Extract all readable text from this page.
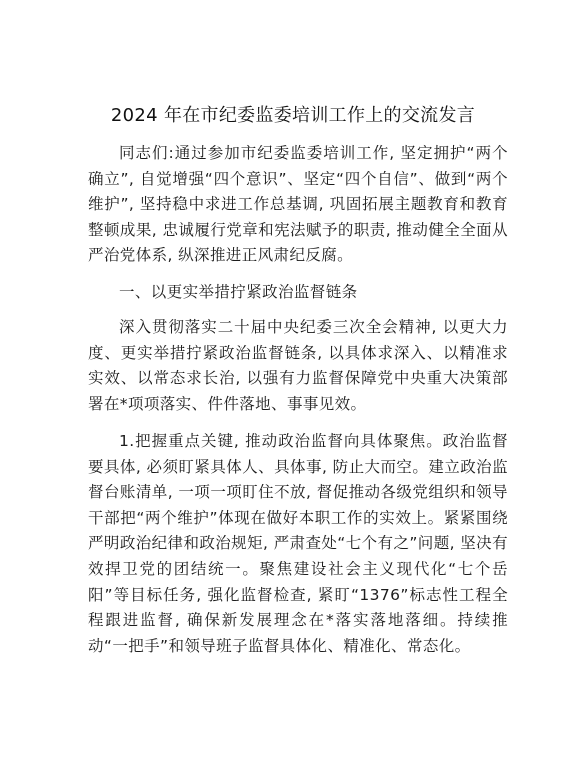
2024 年在市纪委监委培训工作上的交流发言

同志们:通过参加市纪委监委培训工作, 坚定拥护“两个确立”, 自觉增强“四个意识”、坚定“四个自信”、做到“两个维护”, 坚持稳中求进工作总基调, 巩固拓展主题教育和教育整顿成果, 忠诚履行党章和宪法赋予的职责, 推动健全全面从严治党体系, 纵深推进正风肃纪反腐。

一、以更实举措拧紧政治监督链条

深入贯彻落实二十届中央纪委三次全会精神, 以更大力度、更实举措拧紧政治监督链条, 以具体求深入、以精准求实效、以常态求长治, 以强有力监督保障党中央重大决策部署在*项项落实、件件落地、事事见效。

1.把握重点关键, 推动政治监督向具体聚焦。政治监督要具体, 必须盯紧具体人、具体事, 防止大而空。建立政治监督台账清单, 一项一项盯住不放, 督促推动各级党组织和领导干部把“两个维护”体现在做好本职工作的实效上。紧紧围绕严明政治纪律和政治规矩, 严肃查处“七个有之”问题, 坚决有效捍卫党的团结统一。聚焦建设社会主义现代化“七个岳阳”等目标任务, 强化监督检查, 紧盯“1376”标志性工程全程跟进监督, 确保新发展理念在*落实落地落细。持续推动“一把手”和领导班子监督具体化、精准化、常态化。
